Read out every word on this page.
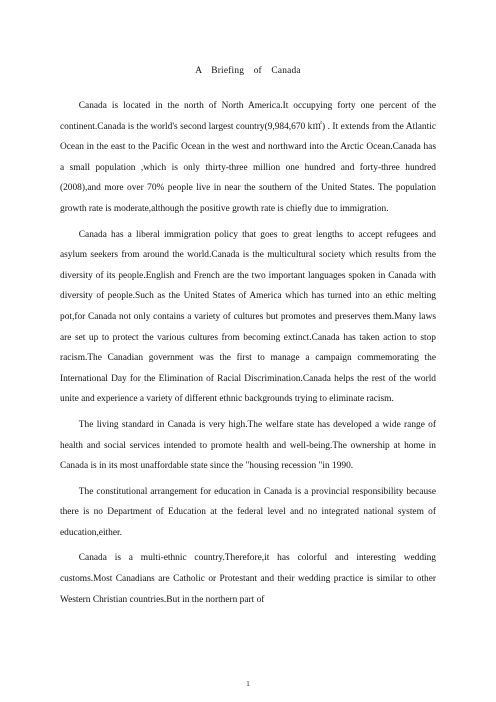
A Briefing of Canada

Canada is located in the north of North America.It occupying forty one percent of the continent.Canada is the world's second largest country(9,984,670 k㎡) . It extends from the Atlantic Ocean in the east to the Pacific Ocean in the west and northward into the Arctic Ocean.Canada has a small population ,which is only thirty-three million one hundred and forty-three hundred (2008),and more over 70% people live in near the southern of the United States. The population growth rate is moderate,although the positive growth rate is chiefly due to immigration.

Canada has a liberal immigration policy that goes to great lengths to accept refugees and asylum seekers from around the world.Canada is the multicultural society which results from the diversity of its people.English and French are the two important languages spoken in Canada with diversity of people.Such as the United States of America which has turned into an ethic melting pot,for Canada not only contains a variety of cultures but promotes and preserves them.Many laws are set up to protect the various cultures from becoming extinct.Canada has taken action to stop racism.The Canadian government was the first to manage a campaign commemorating the International Day for the Elimination of Racial Discrimination.Canada helps the rest of the world unite and experience a variety of different ethnic backgrounds trying to eliminate racism.

The living standard in Canada is very high.The welfare state has developed a wide range of health and social services intended to promote health and well-being.The ownership at home in Canada is in its most unaffordable state since the "housing recession "in 1990.

The constitutional arrangement for education in Canada is a provincial responsibility because there is no Department of Education at the federal level and no integrated national system of education,either.

Canada is a multi-ethnic country.Therefore,it has colorful and interesting wedding customs.Most Canadians are Catholic or Protestant and their wedding practice is similar to other Western Christian countries.But in the northern part of

1
